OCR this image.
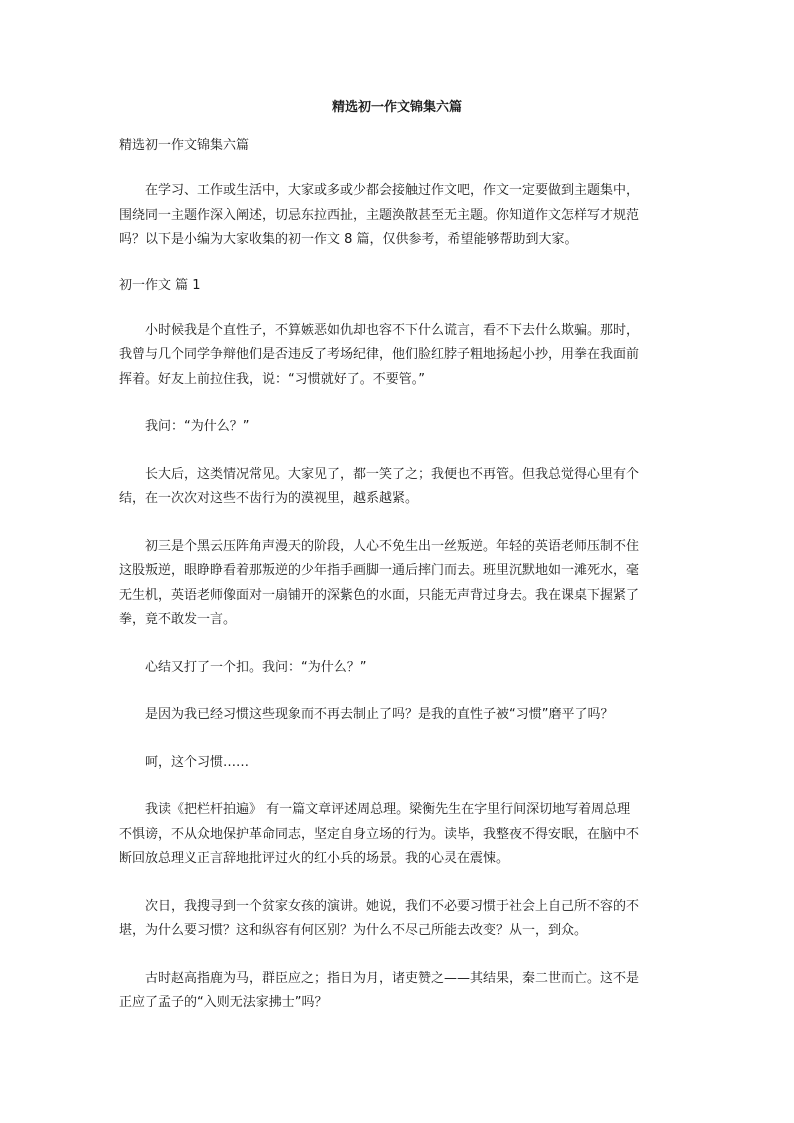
精选初一作文锦集六篇
精选初一作文锦集六篇
　　在学习、工作或生活中，大家或多或少都会接触过作文吧，作文一定要做到主题集中，
围绕同一主题作深入阐述，切忌东拉西扯，主题涣散甚至无主题。你知道作文怎样写才规范
吗？以下是小编为大家收集的初一作文 8 篇，仅供参考，希望能够帮助到大家。
初一作文 篇 1
　　小时候我是个直性子，不算嫉恶如仇却也容不下什么谎言，看不下去什么欺骗。那时，
我曾与几个同学争辩他们是否违反了考场纪律，他们脸红脖子粗地扬起小抄，用拳在我面前
挥着。好友上前拉住我，说：“习惯就好了。不要管。”
　　我问：“为什么？”
　　长大后，这类情况常见。大家见了，都一笑了之；我便也不再管。但我总觉得心里有个
结，在一次次对这些不齿行为的漠视里，越系越紧。
　　初三是个黑云压阵角声漫天的阶段，人心不免生出一丝叛逆。年轻的英语老师压制不住
这股叛逆，眼睁睁看着那叛逆的少年指手画脚一通后摔门而去。班里沉默地如一滩死水，毫
无生机，英语老师像面对一扇铺开的深紫色的水面，只能无声背过身去。我在课桌下握紧了
拳，竟不敢发一言。
　　心结又打了一个扣。我问：“为什么？”
　　是因为我已经习惯这些现象而不再去制止了吗？是我的直性子被“习惯”磨平了吗？
　　呵，这个习惯……
　　我读《把栏杆拍遍》 有一篇文章评述周总理。梁衡先生在字里行间深切地写着周总理
不惧谤，不从众地保护革命同志，坚定自身立场的行为。读毕，我整夜不得安眠，在脑中不
断回放总理义正言辞地批评过火的红小兵的场景。我的心灵在震悚。
　　次日，我搜寻到一个贫家女孩的演讲。她说，我们不必要习惯于社会上自己所不容的不
堪，为什么要习惯？这和纵容有何区别？为什么不尽己所能去改变？从一，到众。
　　古时赵高指鹿为马，群臣应之；指日为月，诸吏赞之——其结果，秦二世而亡。这不是
正应了孟子的“入则无法家拂士”吗？
